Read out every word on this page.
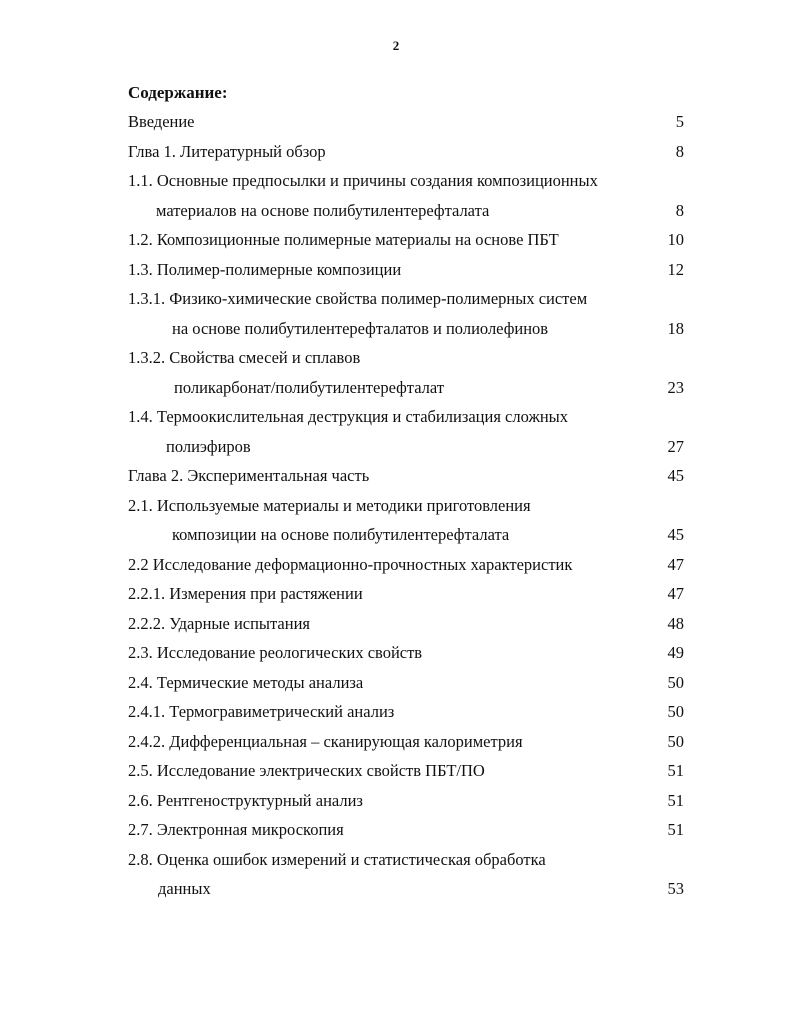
2
Содержание:
Введение	5
Глва 1. Литературный обзор	8
1.1. Основные предпосылки и причины создания композиционных
материалов на основе полибутилентерефталата	8
1.2. Композиционные полимерные материалы на основе ПБТ	10
1.3. Полимер-полимерные композиции	12
1.3.1. Физико-химические свойства полимер-полимерных систем
на основе полибутилентерефталатов и полиолефинов	18
1.3.2. Свойства смесей и сплавов
поликарбонат/полибутилентерефталат	23
1.4. Термоокислительная деструкция и стабилизация сложных
полиэфиров	27
Глава 2. Экспериментальная часть	45
2.1. Используемые материалы и методики приготовления
композиции на основе полибутилентерефталата	45
2.2 Исследование деформационно-прочностных характеристик	47
2.2.1. Измерения при растяжении	47
2.2.2. Ударные испытания	48
2.3. Исследование реологических свойств	49
2.4. Термические методы анализа	50
2.4.1. Термогравиметрический анализ	50
2.4.2. Дифференциальная – сканирующая калориметрия	50
2.5. Исследование электрических свойств ПБТ/ПО	51
2.6. Рентгеноструктурный анализ	51
2.7. Электронная микроскопия	51
2.8. Оценка ошибок измерений и статистическая обработка
данных	53
